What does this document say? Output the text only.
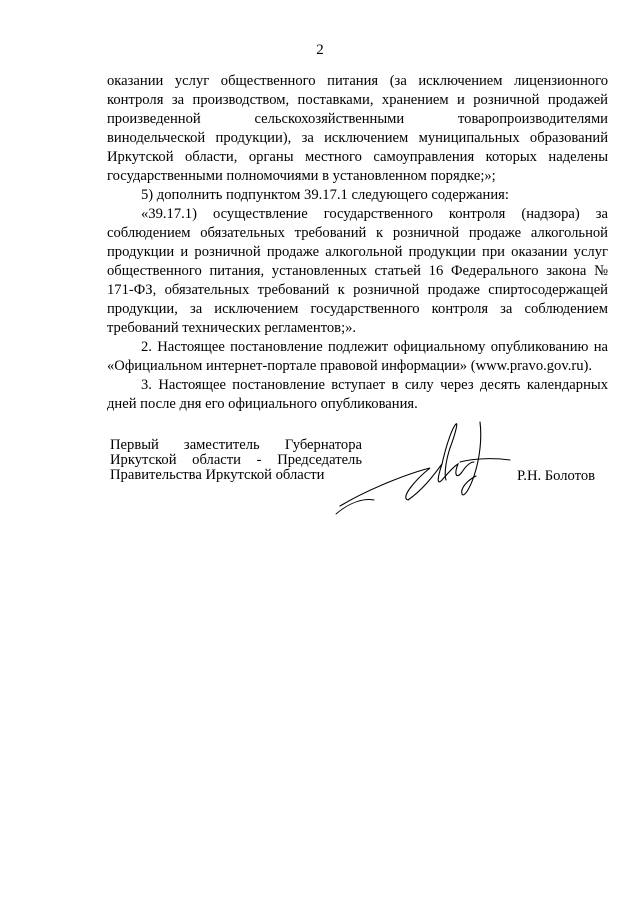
2

оказании услуг общественного питания (за исключением лицензионного контроля за производством, поставками, хранением и розничной продажей произведенной сельскохозяйственными товаропроизводителями винодельческой продукции), за исключением муниципальных образований Иркутской области, органы местного самоуправления которых наделены государственными полномочиями в установленном порядке;»;

5) дополнить подпунктом 39.17.1 следующего содержания:

«39.17.1) осуществление государственного контроля (надзора) за соблюдением обязательных требований к розничной продаже алкогольной продукции и розничной продаже алкогольной продукции при оказании услуг общественного питания, установленных статьей 16 Федерального закона № 171-ФЗ, обязательных требований к розничной продаже спиртосодержащей продукции, за исключением государственного контроля за соблюдением требований технических регламентов;».

2. Настоящее постановление подлежит официальному опубликованию на «Официальном интернет-портале правовой информации» (www.pravo.gov.ru).

3. Настоящее постановление вступает в силу через десять календарных дней после дня его официального опубликования.

Первый заместитель Губернатора
Иркутской области - Председатель
Правительства Иркутской области	Р.Н. Болотов
